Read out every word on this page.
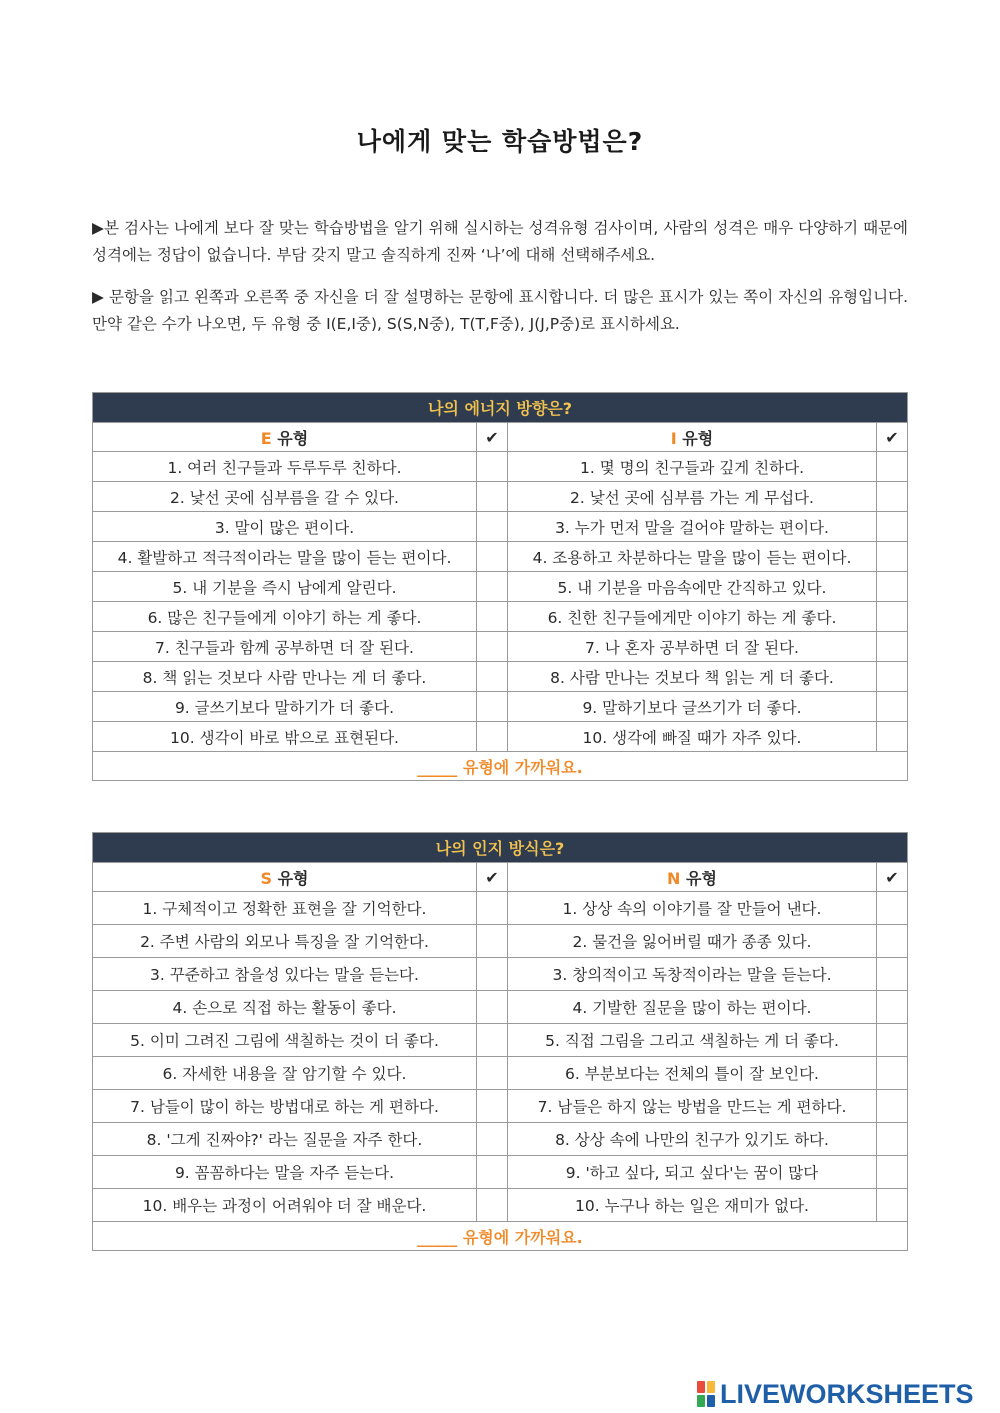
나에게 맞는 학습방법은?
▶본 검사는 나에게 보다 잘 맞는 학습방법을 알기 위해 실시하는 성격유형 검사이며, 사람의 성격은 매우 다양하기 때문에 성격에는 정답이 없습니다. 부담 갖지 말고 솔직하게 진짜 ‘나’에 대해 선택해주세요.
▶ 문항을 읽고 왼쪽과 오른쪽 중 자신을 더 잘 설명하는 문항에 표시합니다. 더 많은 표시가 있는 쪽이 자신의 유형입니다. 만약 같은 수가 나오면, 두 유형 중 I(E,I중), S(S,N중), T(T,F중), J(J,P중)로 표시하세요.
나의 에너지 방향은?			
E 유형	✔	I 유형	✔
1. 여러 친구들과 두루두루 친하다.		1. 몇 명의 친구들과 깊게 친하다.	
2. 낯선 곳에 심부름을 갈 수 있다.		2. 낯선 곳에 심부름 가는 게 무섭다.	
3. 말이 많은 편이다.		3. 누가 먼저 말을 걸어야 말하는 편이다.	
4. 활발하고 적극적이라는 말을 많이 듣는 편이다.		4. 조용하고 차분하다는 말을 많이 듣는 편이다.	
5. 내 기분을 즉시 남에게 알린다.		5. 내 기분을 마음속에만 간직하고 있다.	
6. 많은 친구들에게 이야기 하는 게 좋다.		6. 친한 친구들에게만 이야기 하는 게 좋다.	
7. 친구들과 함께 공부하면 더 잘 된다.		7. 나 혼자 공부하면 더 잘 된다.	
8. 책 읽는 것보다 사람 만나는 게 더 좋다.		8. 사람 만나는 것보다 책 읽는 게 더 좋다.	
9. 글쓰기보다 말하기가 더 좋다.		9. 말하기보다 글쓰기가 더 좋다.	
10. 생각이 바로 밖으로 표현된다.		10. 생각에 빠질 때가 자주 있다.	
_____ 유형에 가까워요.			
나의 인지 방식은?			
S 유형	✔	N 유형	✔
1. 구체적이고 정확한 표현을 잘 기억한다.		1. 상상 속의 이야기를 잘 만들어 낸다.	
2. 주변 사람의 외모나 특징을 잘 기억한다.		2. 물건을 잃어버릴 때가 종종 있다.	
3. 꾸준하고 참을성 있다는 말을 듣는다.		3. 창의적이고 독창적이라는 말을 듣는다.	
4. 손으로 직접 하는 활동이 좋다.		4. 기발한 질문을 많이 하는 편이다.	
5. 이미 그려진 그림에 색칠하는 것이 더 좋다.		5. 직접 그림을 그리고 색칠하는 게 더 좋다.	
6. 자세한 내용을 잘 암기할 수 있다.		6. 부분보다는 전체의 틀이 잘 보인다.	
7. 남들이 많이 하는 방법대로 하는 게 편하다.		7. 남들은 하지 않는 방법을 만드는 게 편하다.	
8. '그게 진짜야?' 라는 질문을 자주 한다.		8. 상상 속에 나만의 친구가 있기도 하다.	
9. 꼼꼼하다는 말을 자주 듣는다.		9. '하고 싶다, 되고 싶다'는 꿈이 많다	
10. 배우는 과정이 어려워야 더 잘 배운다.		10. 누구나 하는 일은 재미가 없다.	
_____ 유형에 가까워요.			
LIVEWORKSHEETS
